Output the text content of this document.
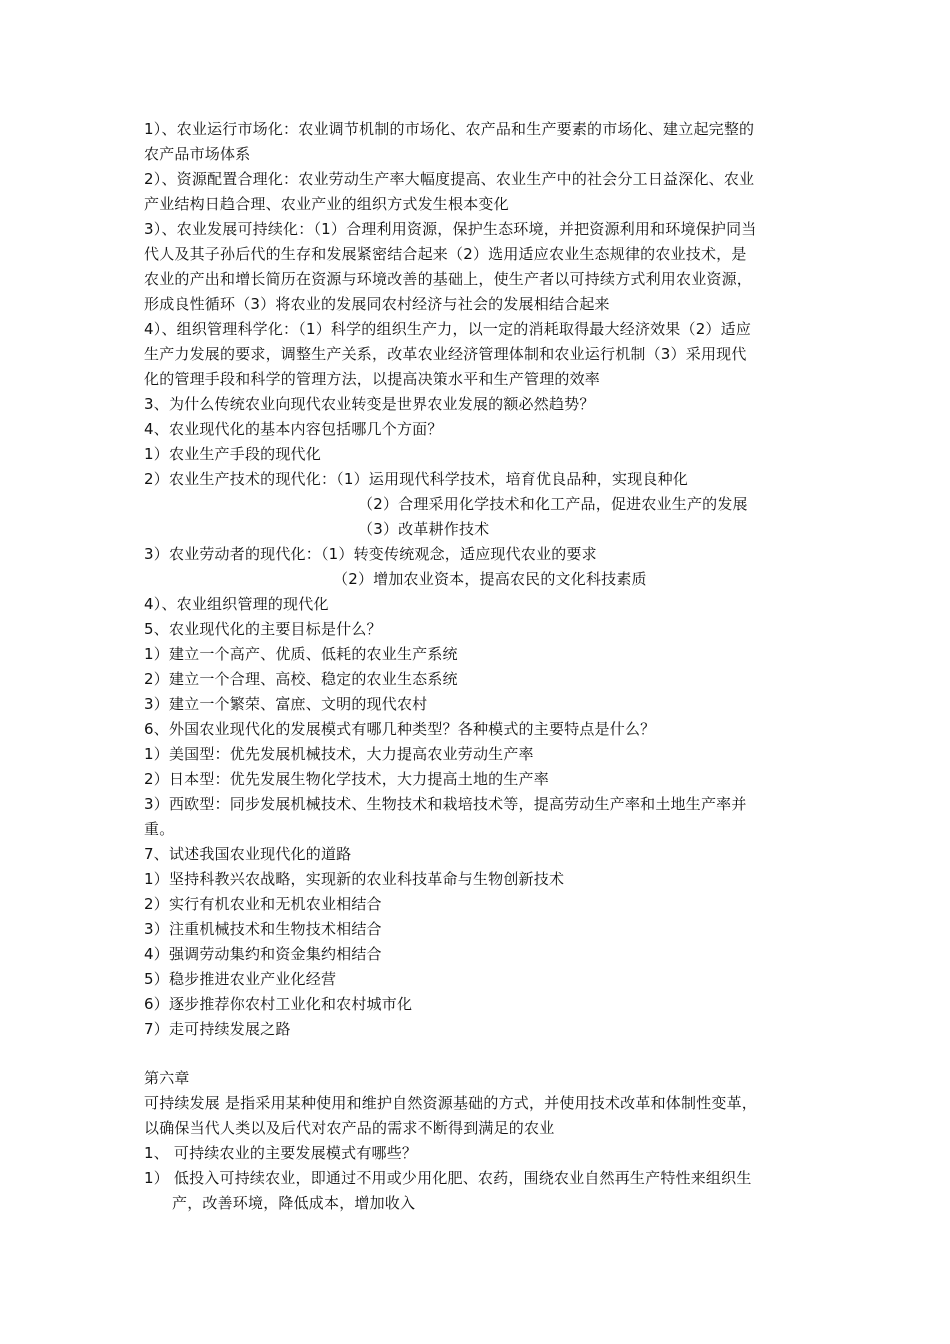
1）、农业运行市场化：农业调节机制的市场化、农产品和生产要素的市场化、建立起完整的
农产品市场体系
2）、资源配置合理化：农业劳动生产率大幅度提高、农业生产中的社会分工日益深化、农业
产业结构日趋合理、农业产业的组织方式发生根本变化
3）、农业发展可持续化：（1）合理利用资源，保护生态环境，并把资源利用和环境保护同当
代人及其子孙后代的生存和发展紧密结合起来（2）选用适应农业生态规律的农业技术，是
农业的产出和增长简历在资源与环境改善的基础上，使生产者以可持续方式利用农业资源，
形成良性循环（3）将农业的发展同农村经济与社会的发展相结合起来
4）、组织管理科学化：（1）科学的组织生产力，以一定的消耗取得最大经济效果（2）适应
生产力发展的要求，调整生产关系，改革农业经济管理体制和农业运行机制（3）采用现代
化的管理手段和科学的管理方法，以提高决策水平和生产管理的效率
3、为什么传统农业向现代农业转变是世界农业发展的额必然趋势？
4、农业现代化的基本内容包括哪几个方面？
1）农业生产手段的现代化
2）农业生产技术的现代化：（1）运用现代科学技术，培育优良品种，实现良种化
（2）合理采用化学技术和化工产品，促进农业生产的发展
（3）改革耕作技术
3）农业劳动者的现代化：（1）转变传统观念，适应现代农业的要求
（2）增加农业资本，提高农民的文化科技素质
4）、农业组织管理的现代化
5、农业现代化的主要目标是什么？
1）建立一个高产、优质、低耗的农业生产系统
2）建立一个合理、高校、稳定的农业生态系统
3）建立一个繁荣、富庶、文明的现代农村
6、外国农业现代化的发展模式有哪几种类型？各种模式的主要特点是什么？
1）美国型：优先发展机械技术，大力提高农业劳动生产率
2）日本型：优先发展生物化学技术，大力提高土地的生产率
3）西欧型：同步发展机械技术、生物技术和栽培技术等，提高劳动生产率和土地生产率并
重。
7、试述我国农业现代化的道路
1）坚持科教兴农战略，实现新的农业科技革命与生物创新技术
2）实行有机农业和无机农业相结合
3）注重机械技术和生物技术相结合
4）强调劳动集约和资金集约相结合
5）稳步推进农业产业化经营
6）逐步推荐你农村工业化和农村城市化
7）走可持续发展之路
第六章
可持续发展 是指采用某种使用和维护自然资源基础的方式，并使用技术改革和体制性变革，
以确保当代人类以及后代对农产品的需求不断得到满足的农业
1、 可持续农业的主要发展模式有哪些？
1） 低投入可持续农业，即通过不用或少用化肥、农药，围绕农业自然再生产特性来组织生
产，改善环境，降低成本，增加收入
